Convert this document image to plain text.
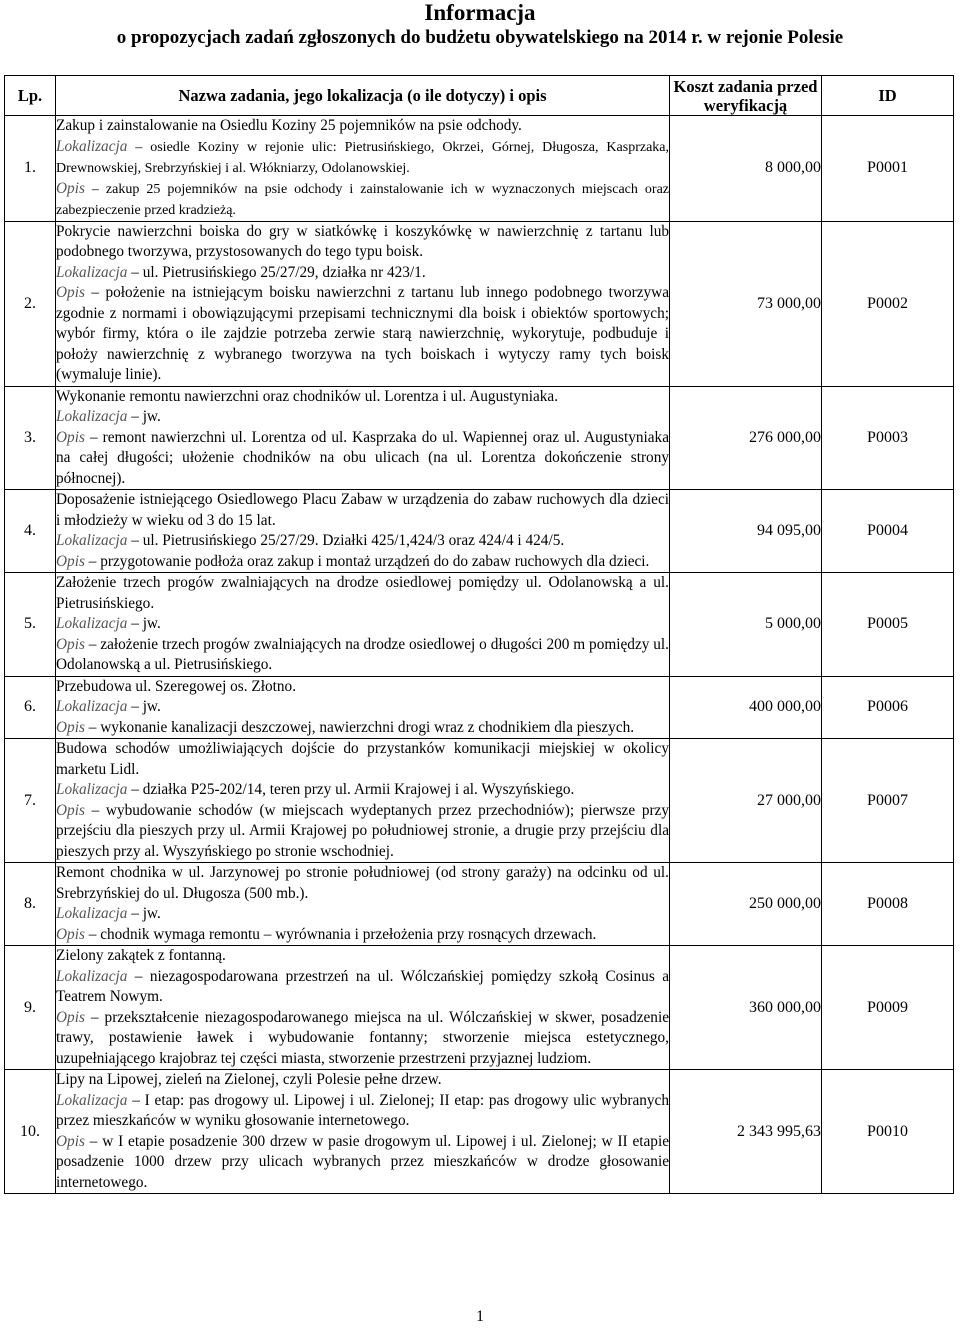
Informacja
o propozycjach zadań zgłoszonych do budżetu obywatelskiego na 2014 r. w rejonie Polesie
Lp.	Nazwa zadania, jego lokalizacja (o ile dotyczy) i opis	Koszt zadania przed weryfikacją	ID
1.	Zakup i zainstalowanie na Osiedlu Koziny 25 pojemników na psie odchody.
Lokalizacja – osiedle Koziny w rejonie ulic: Pietrusińskiego, Okrzei, Górnej, Długosza, Kasprzaka, Drewnowskiej, Srebrzyńskiej i al. Włókniarzy, Odolanowskiej.
Opis – zakup 25 pojemników na psie odchody i zainstalowanie ich w wyznaczonych miejscach oraz zabezpieczenie przed kradzieżą.	8 000,00	P0001
2.	Pokrycie nawierzchni boiska do gry w siatkówkę i koszykówkę w nawierzchnię z tartanu lub podobnego tworzywa, przystosowanych do tego typu boisk.
Lokalizacja – ul. Pietrusińskiego 25/27/29, działka nr 423/1.
Opis – położenie na istniejącym boisku nawierzchni z tartanu lub innego podobnego tworzywa zgodnie z normami i obowiązującymi przepisami technicznymi dla boisk i obiektów sportowych; wybór firmy, która o ile zajdzie potrzeba zerwie starą nawierzchnię, wykorytuje, podbuduje i położy nawierzchnię z wybranego tworzywa na tych boiskach i wytyczy ramy tych boisk (wymaluje linie).	73 000,00	P0002
3.	Wykonanie remontu nawierzchni oraz chodników ul. Lorentza i ul. Augustyniaka.
Lokalizacja – jw.
Opis – remont nawierzchni ul. Lorentza od ul. Kasprzaka do ul. Wapiennej oraz ul. Augustyniaka na całej długości; ułożenie chodników na obu ulicach (na ul. Lorentza dokończenie strony północnej).	276 000,00	P0003
4.	Doposażenie istniejącego Osiedlowego Placu Zabaw w urządzenia do zabaw ruchowych dla dzieci i młodzieży w wieku od 3 do 15 lat.
Lokalizacja – ul. Pietrusińskiego 25/27/29. Działki 425/1,424/3 oraz 424/4 i 424/5.
Opis – przygotowanie podłoża oraz zakup i montaż urządzeń do do zabaw ruchowych dla dzieci.	94 095,00	P0004
5.	Założenie trzech progów zwalniających na drodze osiedlowej pomiędzy ul. Odolanowską a ul. Pietrusińskiego.
Lokalizacja – jw.
Opis – założenie trzech progów zwalniających na drodze osiedlowej o długości 200 m pomiędzy ul. Odolanowską a ul. Pietrusińskiego.	5 000,00	P0005
6.	Przebudowa ul. Szeregowej os. Złotno.
Lokalizacja – jw.
Opis – wykonanie kanalizacji deszczowej, nawierzchni drogi wraz z chodnikiem dla pieszych.	400 000,00	P0006
7.	Budowa schodów umożliwiających dojście do przystanków komunikacji miejskiej w okolicy marketu Lidl.
Lokalizacja – działka P25-202/14, teren przy ul. Armii Krajowej i al. Wyszyńskiego.
Opis – wybudowanie schodów (w miejscach wydeptanych przez przechodniów); pierwsze przy przejściu dla pieszych przy ul. Armii Krajowej po południowej stronie, a drugie przy przejściu dla pieszych przy al. Wyszyńskiego po stronie wschodniej.	27 000,00	P0007
8.	Remont chodnika w ul. Jarzynowej po stronie południowej (od strony garaży) na odcinku od ul. Srebrzyńskiej do ul. Długosza (500 mb.).
Lokalizacja – jw.
Opis – chodnik wymaga remontu – wyrównania i przełożenia przy rosnących drzewach.	250 000,00	P0008
9.	Zielony zakątek z fontanną.
Lokalizacja – niezagospodarowana przestrzeń na ul. Wólczańskiej pomiędzy szkołą Cosinus a Teatrem Nowym.
Opis – przekształcenie niezagospodarowanego miejsca na ul. Wólczańskiej w skwer, posadzenie trawy, postawienie ławek i wybudowanie fontanny; stworzenie miejsca estetycznego, uzupełniającego krajobraz tej części miasta, stworzenie przestrzeni przyjaznej ludziom.	360 000,00	P0009
10.	Lipy na Lipowej, zieleń na Zielonej, czyli Polesie pełne drzew.
Lokalizacja – I etap: pas drogowy ul. Lipowej i ul. Zielonej; II etap: pas drogowy ulic wybranych przez mieszkańców w wyniku głosowanie internetowego.
Opis – w I etapie posadzenie 300 drzew w pasie drogowym ul. Lipowej i ul. Zielonej; w II etapie posadzenie 1000 drzew przy ulicach wybranych przez mieszkańców w drodze głosowanie internetowego.	2 343 995,63	P0010
1
